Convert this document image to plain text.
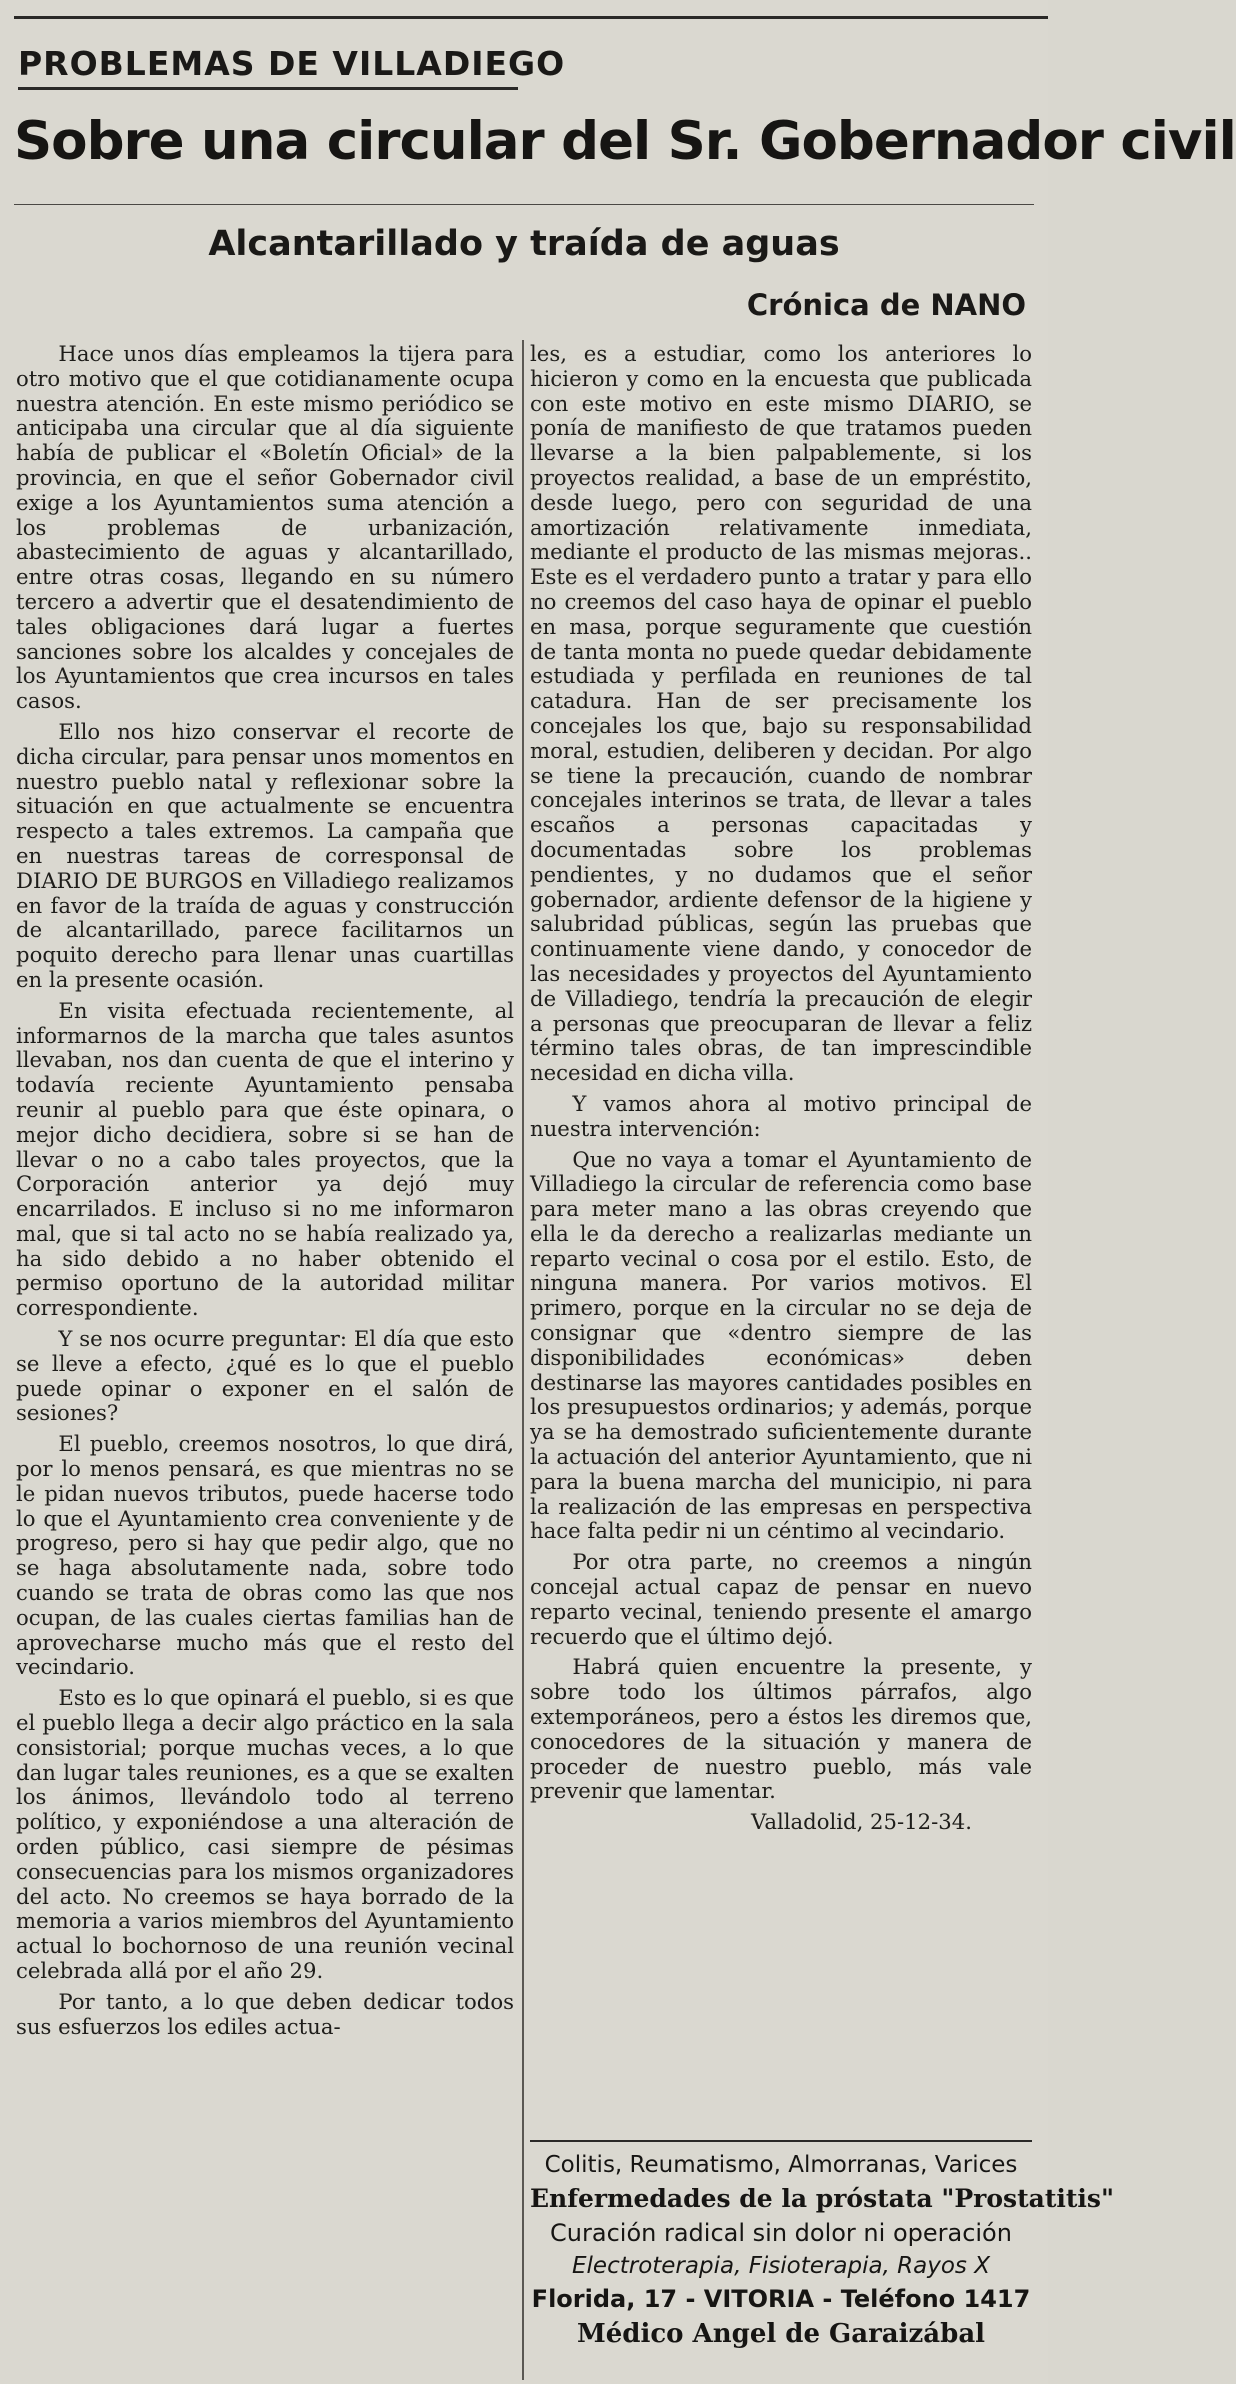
PROBLEMAS DE VILLADIEGO
Sobre una circular del Sr. Gobernador civil
Alcantarillado y traída de aguas
Crónica de NANO

Hace unos días empleamos la tijera para otro motivo que el que cotidianamente ocupa nuestra atención. En este mismo periódico se anticipaba una circular que al día siguiente había de publicar el «Boletín Oficial» de la provincia, en que el señor Gobernador civil exige a los Ayuntamientos suma atención a los problemas de urbanización, abastecimiento de aguas y alcantarillado, entre otras cosas, llegando en su número tercero a advertir que el desatendimiento de tales obligaciones dará lugar a fuertes sanciones sobre los alcaldes y concejales de los Ayuntamientos que crea incursos en tales casos.

Ello nos hizo conservar el recorte de dicha circular, para pensar unos momentos en nuestro pueblo natal y reflexionar sobre la situación en que actualmente se encuentra respecto a tales extremos. La campaña que en nuestras tareas de corresponsal de DIARIO DE BURGOS en Villadiego realizamos en favor de la traída de aguas y construcción de alcantarillado, parece facilitarnos un poquito derecho para llenar unas cuartillas en la presente ocasión.

En visita efectuada recientemente, al informarnos de la marcha que tales asuntos llevaban, nos dan cuenta de que el interino y todavía reciente Ayuntamiento pensaba reunir al pueblo para que éste opinara, o mejor dicho decidiera, sobre si se han de llevar o no a cabo tales proyectos, que la Corporación anterior ya dejó muy encarrilados. E incluso si no me informaron mal, que si tal acto no se había realizado ya, ha sido debido a no haber obtenido el permiso oportuno de la autoridad militar correspondiente.

Y se nos ocurre preguntar: El día que esto se lleve a efecto, ¿qué es lo que el pueblo puede opinar o exponer en el salón de sesiones?

El pueblo, creemos nosotros, lo que dirá, por lo menos pensará, es que mientras no se le pidan nuevos tributos, puede hacerse todo lo que el Ayuntamiento crea conveniente y de progreso, pero si hay que pedir algo, que no se haga absolutamente nada, sobre todo cuando se trata de obras como las que nos ocupan, de las cuales ciertas familias han de aprovecharse mucho más que el resto del vecindario.

Esto es lo que opinará el pueblo, si es que el pueblo llega a decir algo práctico en la sala consistorial; porque muchas veces, a lo que dan lugar tales reuniones, es a que se exalten los ánimos, llevándolo todo al terreno político, y exponiéndose a una alteración de orden público, casi siempre de pésimas consecuencias para los mismos organizadores del acto. No creemos se haya borrado de la memoria a varios miembros del Ayuntamiento actual lo bochornoso de una reunión vecinal celebrada allá por el año 29.

Por tanto, a lo que deben dedicar todos sus esfuerzos los ediles actua-

les, es a estudiar, como los anteriores lo hicieron y como en la encuesta que publicada con este motivo en este mismo DIARIO, se ponía de manifiesto de que tratamos pueden llevarse a la bien palpablemente, si los proyectos realidad, a base de un empréstito, desde luego, pero con seguridad de una amortización relativamente inmediata, mediante el producto de las mismas mejoras.. Este es el verdadero punto a tratar y para ello no creemos del caso haya de opinar el pueblo en masa, porque seguramente que cuestión de tanta monta no puede quedar debidamente estudiada y perfilada en reuniones de tal catadura. Han de ser precisamente los concejales los que, bajo su responsabilidad moral, estudien, deliberen y decidan. Por algo se tiene la precaución, cuando de nombrar concejales interinos se trata, de llevar a tales escaños a personas capacitadas y documentadas sobre los problemas pendientes, y no dudamos que el señor gobernador, ardiente defensor de la higiene y salubridad públicas, según las pruebas que continuamente viene dando, y conocedor de las necesidades y proyectos del Ayuntamiento de Villadiego, tendría la precaución de elegir a personas que preocuparan de llevar a feliz término tales obras, de tan imprescindible necesidad en dicha villa.

Y vamos ahora al motivo principal de nuestra intervención:

Que no vaya a tomar el Ayuntamiento de Villadiego la circular de referencia como base para meter mano a las obras creyendo que ella le da derecho a realizarlas mediante un reparto vecinal o cosa por el estilo. Esto, de ninguna manera. Por varios motivos. El primero, porque en la circular no se deja de consignar que «dentro siempre de las disponibilidades económicas» deben destinarse las mayores cantidades posibles en los presupuestos ordinarios; y además, porque ya se ha demostrado suficientemente durante la actuación del anterior Ayuntamiento, que ni para la buena marcha del municipio, ni para la realización de las empresas en perspectiva hace falta pedir ni un céntimo al vecindario.

Por otra parte, no creemos a ningún concejal actual capaz de pensar en nuevo reparto vecinal, teniendo presente el amargo recuerdo que el último dejó.

Habrá quien encuentre la presente, y sobre todo los últimos párrafos, algo extemporáneos, pero a éstos les diremos que, conocedores de la situación y manera de proceder de nuestro pueblo, más vale prevenir que lamentar.

Valladolid, 25-12-34.

Colitis, Reumatismo, Almorranas, Varices
Enfermedades de la próstata "Prostatitis"
Curación radical sin dolor ni operación
Electroterapia, Fisioterapia, Rayos X
Florida, 17 - VITORIA - Teléfono 1417
Médico Angel de Garaizábal
